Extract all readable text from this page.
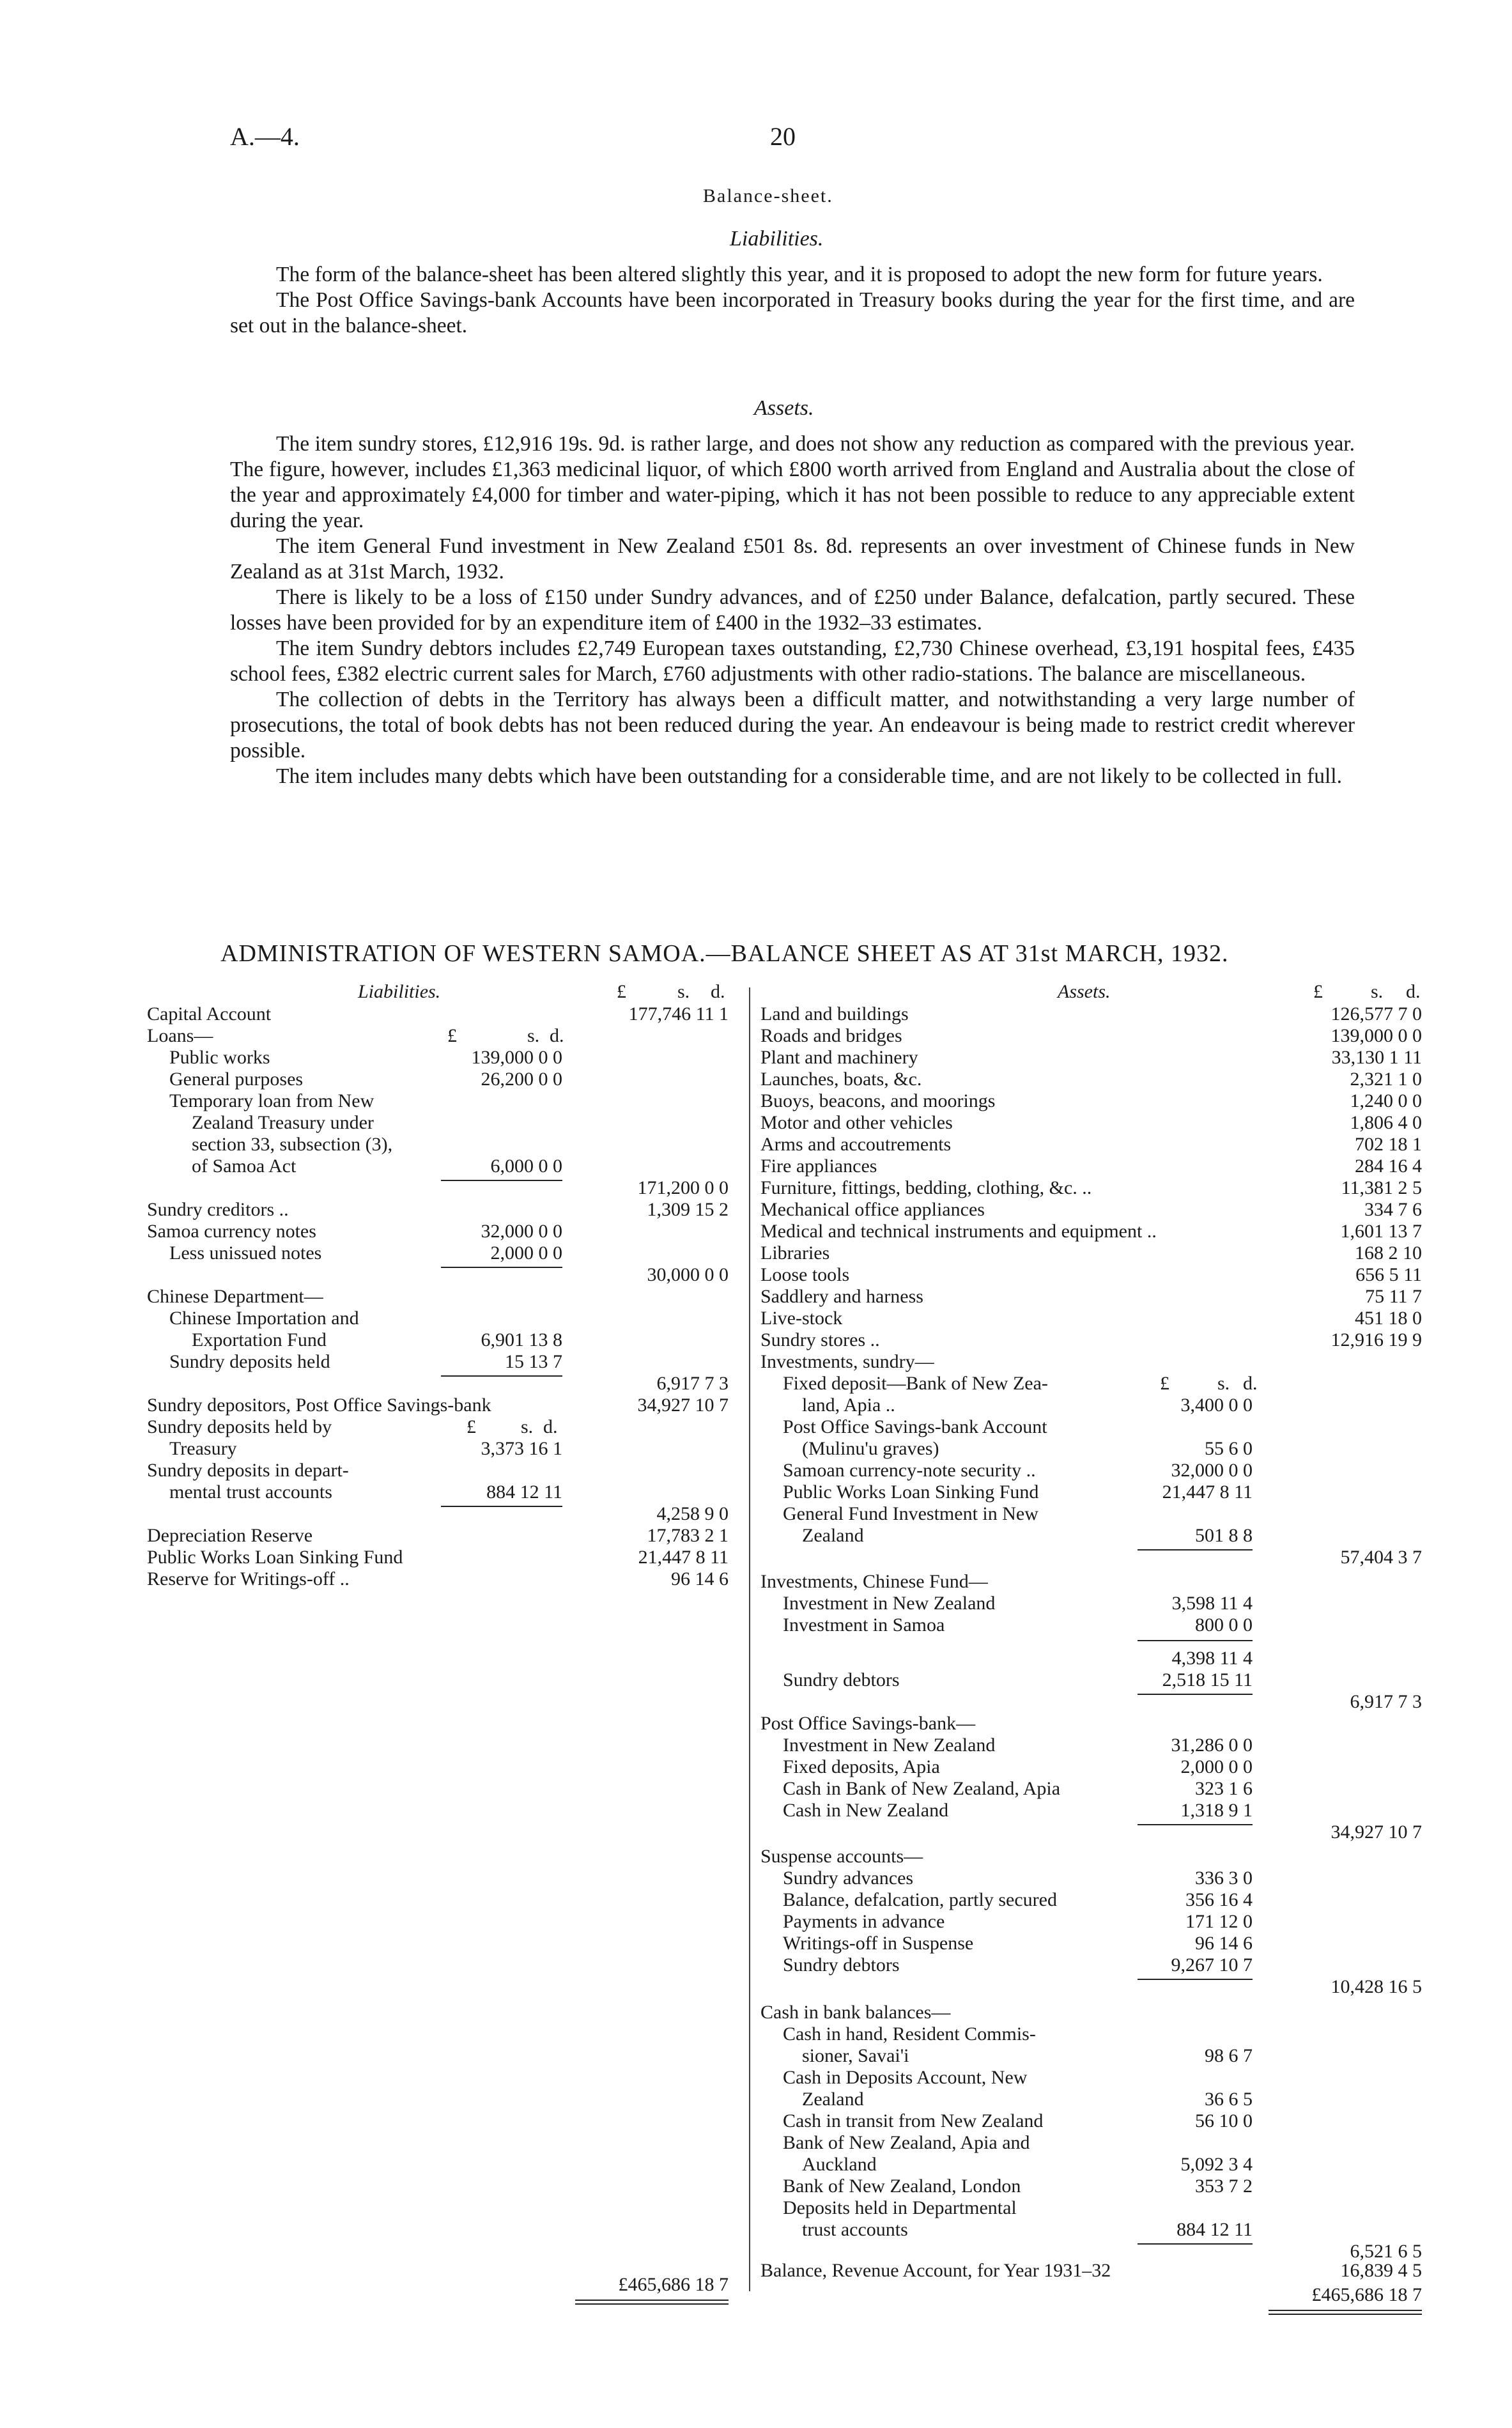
A.—4.	20
Balance-sheet.
Liabilities.

The form of the balance-sheet has been altered slightly this year, and it is proposed to adopt the new form for future years.

The Post Office Savings-bank Accounts have been incorporated in Treasury books during the year for the first time, and are set out in the balance-sheet.

Assets.

The item sundry stores, £12,916 19s. 9d. is rather large, and does not show any reduction as compared with the previous year. The figure, however, includes £1,363 medicinal liquor, of which £800 worth arrived from England and Australia about the close of the year and approximately £4,000 for timber and water-piping, which it has not been possible to reduce to any appreciable extent during the year.

The item General Fund investment in New Zealand £501 8s. 8d. represents an over investment of Chinese funds in New Zealand as at 31st March, 1932.

There is likely to be a loss of £150 under Sundry advances, and of £250 under Balance, defalcation, partly secured. These losses have been provided for by an expenditure item of £400 in the 1932–33 estimates.

The item Sundry debtors includes £2,749 European taxes outstanding, £2,730 Chinese overhead, £3,191 hospital fees, £435 school fees, £382 electric current sales for March, £760 adjustments with other radio-stations. The balance are miscellaneous.

The collection of debts in the Territory has always been a difficult matter, and notwithstanding a very large number of prosecutions, the total of book debts has not been reduced during the year. An endeavour is being made to restrict credit wherever possible.

The item includes many debts which have been outstanding for a considerable time, and are not likely to be collected in full.

ADMINISTRATION OF WESTERN SAMOA.—BALANCE SHEET AS AT 31st MARCH, 1932.
Liabilities.	£	s. d.
Capital Account	177,746 11 1
Loans—	£	s. d.
Public works	139,000 0 0
General purposes	26,200 0 0
Temporary loan from New
Zealand Treasury under
section 33, subsection (3),
of Samoa Act	6,000 0 0
171,200 0 0
Sundry creditors ..	1,309 15 2
Samoa currency notes	32,000 0 0
Less unissued notes	2,000 0 0
30,000 0 0
Chinese Department—
Chinese Importation and
Exportation Fund	6,901 13 8
Sundry deposits held	15 13 7
6,917 7 3
Sundry depositors, Post Office Savings-bank	34,927 10 7
Sundry deposits held by	£ s. d.
Treasury	3,373 16 1
Sundry deposits in depart-
mental trust accounts	884 12 11
4,258 9 0
Depreciation Reserve	17,783 2 1
Public Works Loan Sinking Fund	21,447 8 11
Reserve for Writings-off ..	96 14 6
£465,686 18 7
Assets.	£	s. d.
Land and buildings	126,577 7 0
Roads and bridges	139,000 0 0
Plant and machinery	33,130 1 11
Launches, boats, &c.	2,321 1 0
Buoys, beacons, and moorings	1,240 0 0
Motor and other vehicles	1,806 4 0
Arms and accoutrements	702 18 1
Fire appliances	284 16 4
Furniture, fittings, bedding, clothing, &c. ..	11,381 2 5
Mechanical office appliances	334 7 6
Medical and technical instruments and equipment ..	1,601 13 7
Libraries	168 2 10
Loose tools	656 5 11
Saddlery and harness	75 11 7
Live-stock	451 18 0
Sundry stores ..	12,916 19 9
Investments, sundry—
Fixed deposit—Bank of New Zea-	£	s. d.
land, Apia ..	3,400 0 0
Post Office Savings-bank Account
(Mulinu'u graves)	55 6 0
Samoan currency-note security ..	32,000 0 0
Public Works Loan Sinking Fund	21,447 8 11
General Fund Investment in New
Zealand	501 8 8
57,404 3 7
Investments, Chinese Fund—
Investment in New Zealand	3,598 11 4
Investment in Samoa	800 0 0
4,398 11 4
Sundry debtors	2,518 15 11
6,917 7 3
Post Office Savings-bank—
Investment in New Zealand	31,286 0 0
Fixed deposits, Apia	2,000 0 0
Cash in Bank of New Zealand, Apia	323 1 6
Cash in New Zealand	1,318 9 1
34,927 10 7
Suspense accounts—
Sundry advances	336 3 0
Balance, defalcation, partly secured	356 16 4
Payments in advance	171 12 0
Writings-off in Suspense	96 14 6
Sundry debtors	9,267 10 7
10,428 16 5
Cash in bank balances—
Cash in hand, Resident Commis-
sioner, Savai'i	98 6 7
Cash in Deposits Account, New
Zealand	36 6 5
Cash in transit from New Zealand	56 10 0
Bank of New Zealand, Apia and
Auckland	5,092 3 4
Bank of New Zealand, London	353 7 2
Deposits held in Departmental
trust accounts	884 12 11
6,521 6 5
Balance, Revenue Account, for Year 1931–32	16,839 4 5
£465,686 18 7
